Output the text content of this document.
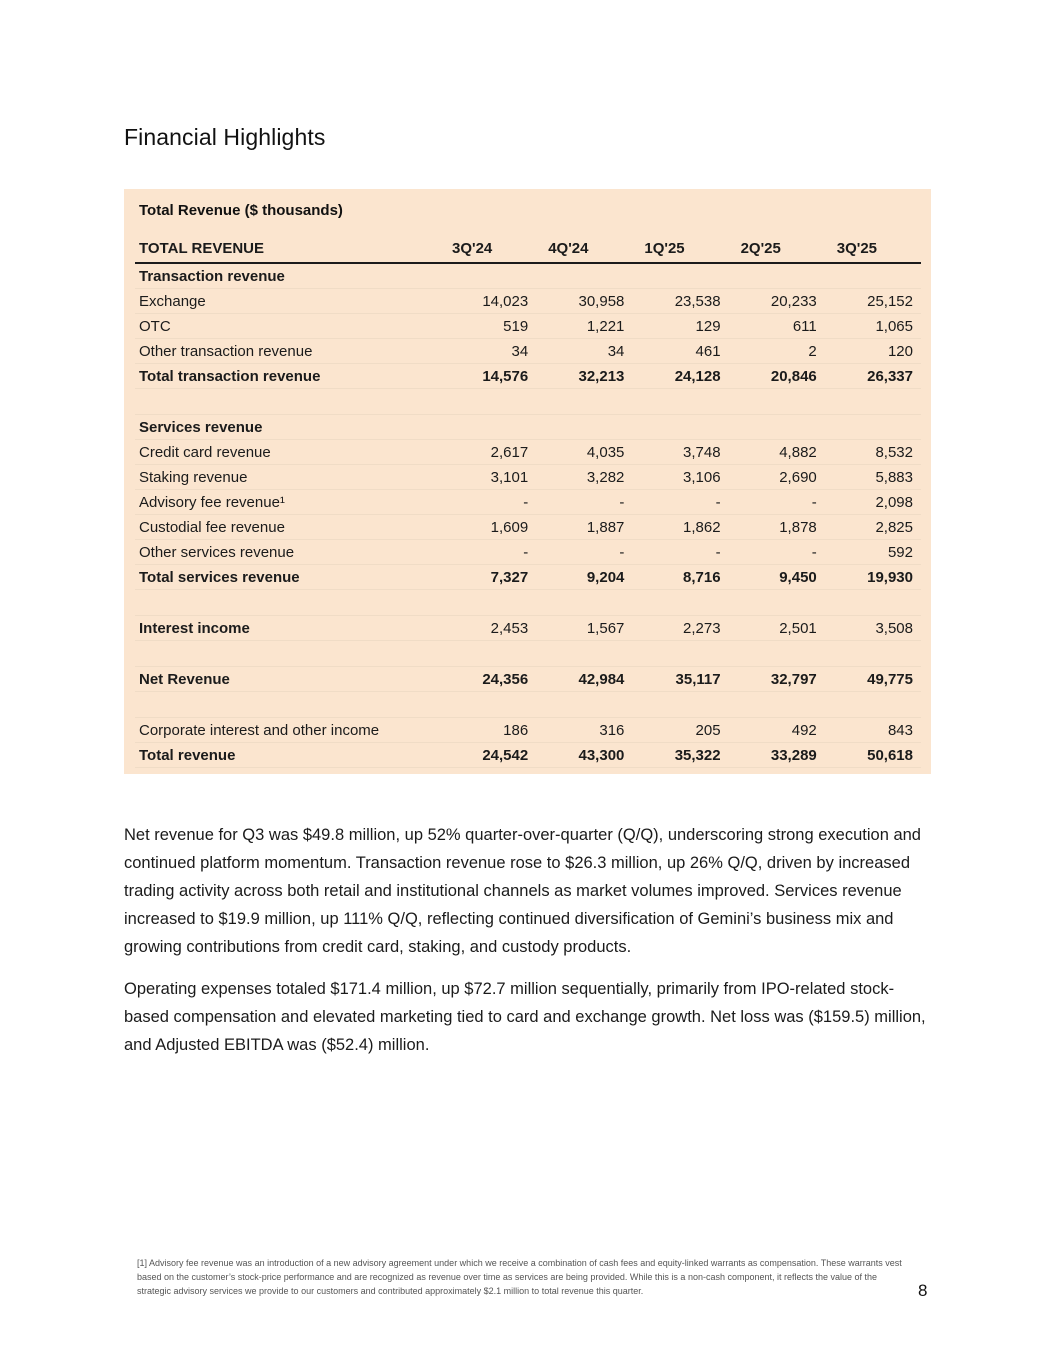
Financial Highlights
Total Revenue ($ thousands)
TOTAL REVENUE	3Q'24	4Q'24	1Q'25	2Q'25	3Q'25
Transaction revenue					
Exchange	14,023	30,958	23,538	20,233	25,152
OTC	519	1,221	129	611	1,065
Other transaction revenue	34	34	461	2	120
Total transaction revenue	14,576	32,213	24,128	20,846	26,337

Services revenue					
Credit card revenue	2,617	4,035	3,748	4,882	8,532
Staking revenue	3,101	3,282	3,106	2,690	5,883
Advisory fee revenue¹	-	-	-	-	2,098
Custodial fee revenue	1,609	1,887	1,862	1,878	2,825
Other services revenue	-	-	-	-	592
Total services revenue	7,327	9,204	8,716	9,450	19,930

Interest income	2,453	1,567	2,273	2,501	3,508

Net Revenue	24,356	42,984	35,117	32,797	49,775

Corporate interest and other income	186	316	205	492	843
Total revenue	24,542	43,300	35,322	33,289	50,618

Net revenue for Q3 was $49.8 million, up 52% quarter-over-quarter (Q/Q), underscoring strong execution and continued platform momentum. Transaction revenue rose to $26.3 million, up 26% Q/Q, driven by increased trading activity across both retail and institutional channels as market volumes improved. Services revenue increased to $19.9 million, up 111% Q/Q, reflecting continued diversification of Gemini’s business mix and growing contributions from credit card, staking, and custody products.

Operating expenses totaled $171.4 million, up $72.7 million sequentially, primarily from IPO-related stock-based compensation and elevated marketing tied to card and exchange growth. Net loss was ($159.5) million, and Adjusted EBITDA was ($52.4) million.

[1] Advisory fee revenue was an introduction of a new advisory agreement under which we receive a combination of cash fees and equity-linked warrants as compensation. These warrants vest based on the customer’s stock-price performance and are recognized as revenue over time as services are being provided. While this is a non-cash component, it reflects the value of the strategic advisory services we provide to our customers and contributed approximately $2.1 million to total revenue this quarter.	8
